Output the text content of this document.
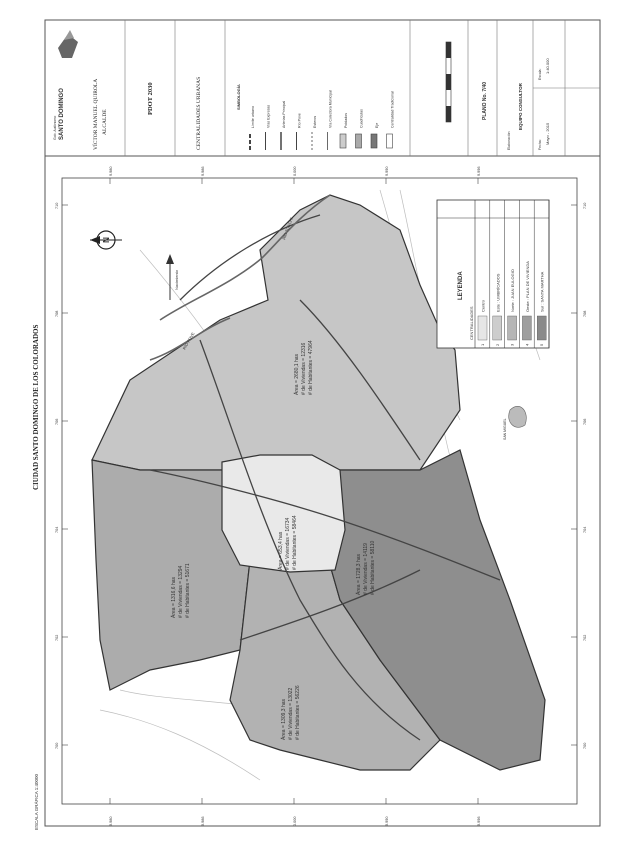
CIUDAD SANTO DOMINGO DE LOS COLORADOS
ESCALA GRÁFICA 1:40000
Gob. Autónomo SANTO DOMINGO	VÍCTOR MANUEL QUIROLA ALCALDE
PDOT 2030	CENTRALIDADES URBANAS	SIMBOLOGÍA
Límite urbano	Vías Expresas	Arterias Principal	Río Pove	Esteros	Vía Colectora Municipal	Poblados	Cuadriculas	Eje	Centralidad Tradicional	PLANO No. 7/40	EQUIPO CONSULTOR
Elaboración	Fecha: Mayo - 2015
Escala:
1:40.000
9.980
9.980
9.986
9.986
0.000
0.000
9.990
9.990
9.996
9.996
700	700
702	702
704	704
706	706
708	708
710	710
RÍO TOACHI
RÍO POVE
Nacimiento
N
Área = 653,4 has # de Viviendas = 16734 # de Habitantes = 58464
Área = 2680,1 has # de Viviendas = 12316 # de Habitantes = 47964
Área = 1316,6 has # de Viviendas = 13294 # de Habitantes = 51671
Área = 1309,3 has # de Viviendas = 13022 # de Habitantes = 56226
Área = 1728,3 has # de Viviendas = 14119 # de Habitantes = 58110
SAN MIGUEL
LEYENDA
CENTRALIDADES
1
Centro
2
Este : UMBRÍCADOS
3
Norte : JUAN EULOGIO
4
Oeste : PLAN DE VIVIENDA
5
Sur : SANTA MARTHA
